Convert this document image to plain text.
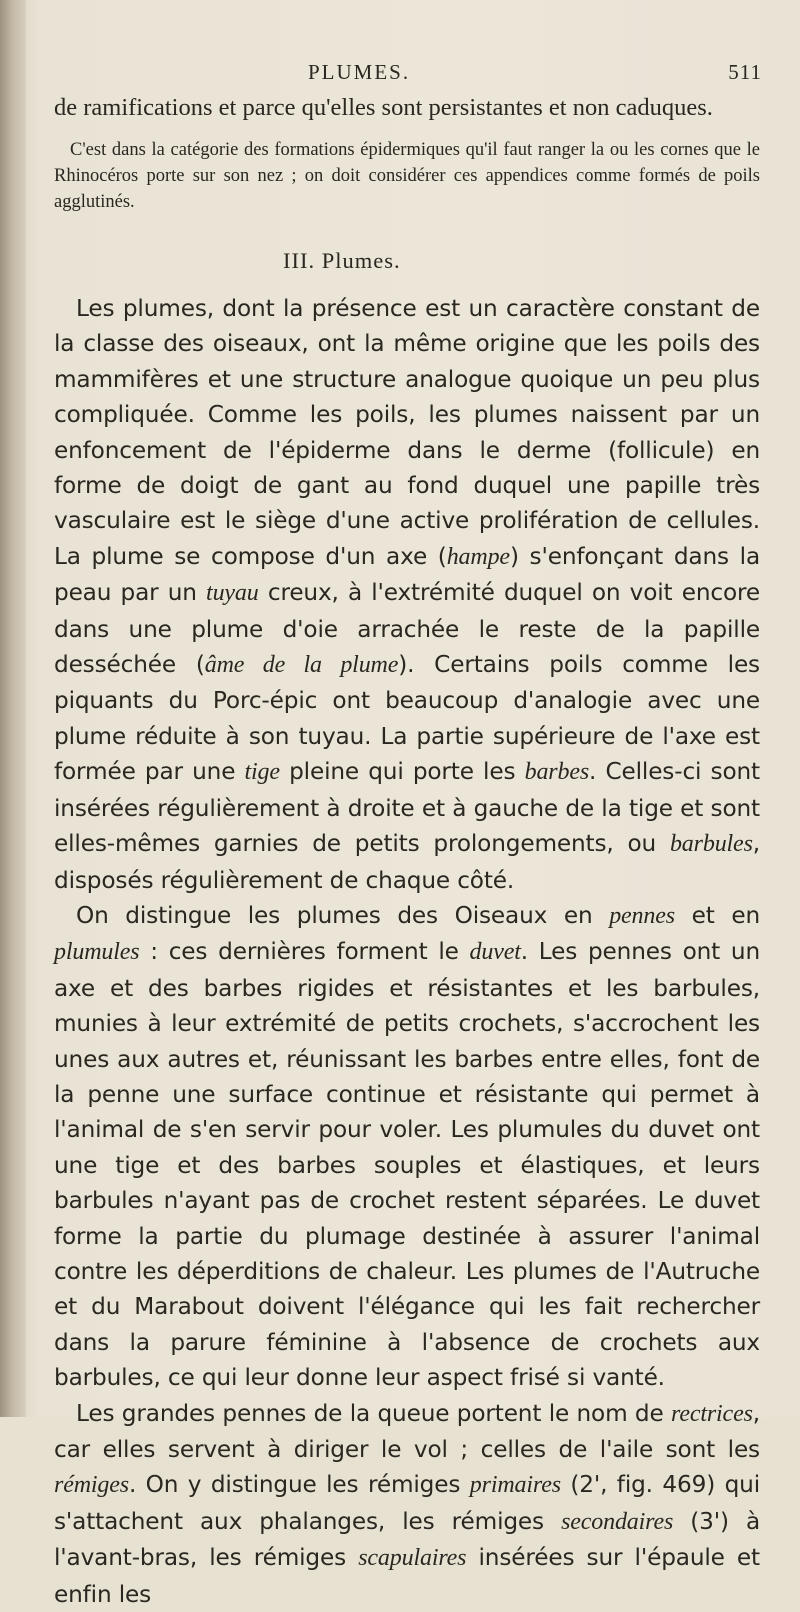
PLUMES.	511

de ramifications et parce qu'elles sont persistantes et non caduques.

C'est dans la catégorie des formations épidermiques qu'il faut ranger la ou les cornes que le Rhinocéros porte sur son nez ; on doit considérer ces appendices comme formés de poils agglutinés.

III. Plumes.

Les plumes, dont la présence est un caractère constant de la classe des oiseaux, ont la même origine que les poils des mammifères et une structure analogue quoique un peu plus compliquée. Comme les poils, les plumes naissent par un enfoncement de l'épiderme dans le derme (follicule) en forme de doigt de gant au fond duquel une papille très vasculaire est le siège d'une active prolifération de cellules. La plume se compose d'un axe (hampe) s'enfonçant dans la peau par un tuyau creux, à l'extrémité duquel on voit encore dans une plume d'oie arrachée le reste de la papille desséchée (âme de la plume). Certains poils comme les piquants du Porc-épic ont beaucoup d'analogie avec une plume réduite à son tuyau. La partie supérieure de l'axe est formée par une tige pleine qui porte les barbes. Celles-ci sont insérées régulièrement à droite et à gauche de la tige et sont elles-mêmes garnies de petits prolongements, ou barbules, disposés régulièrement de chaque côté.

On distingue les plumes des Oiseaux en pennes et en plumules : ces dernières forment le duvet. Les pennes ont un axe et des barbes rigides et résistantes et les barbules, munies à leur extrémité de petits crochets, s'accrochent les unes aux autres et, réunissant les barbes entre elles, font de la penne une surface continue et résistante qui permet à l'animal de s'en servir pour voler. Les plumules du duvet ont une tige et des barbes souples et élastiques, et leurs barbules n'ayant pas de crochet restent séparées. Le duvet forme la partie du plumage destinée à assurer l'animal contre les déperditions de chaleur. Les plumes de l'Autruche et du Marabout doivent l'élégance qui les fait rechercher dans la parure féminine à l'absence de crochets aux barbules, ce qui leur donne leur aspect frisé si vanté.

Les grandes pennes de la queue portent le nom de rectrices, car elles servent à diriger le vol ; celles de l'aile sont les rémiges. On y distingue les rémiges primaires (2', fig. 469) qui s'attachent aux phalanges, les rémiges secondaires (3') à l'avant-bras, les rémiges scapulaires insérées sur l'épaule et enfin les
